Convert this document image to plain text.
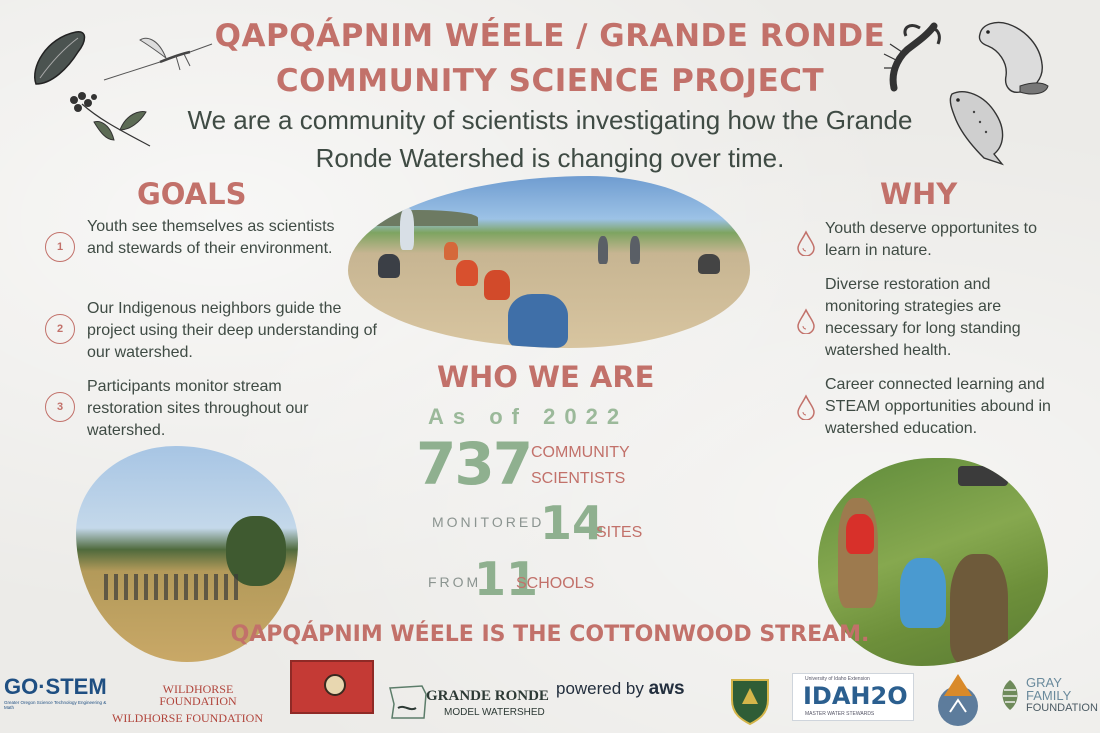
QAPQÁPNIM WÉELE / GRANDE RONDE
COMMUNITY SCIENCE PROJECT
We are a community of scientists investigating how the Grande Ronde Watershed is changing over time.
GOALS
1
Youth see themselves as scientists and stewards of their environment.
2
Our Indigenous neighbors guide the project using their deep understanding of our watershed.
3
Participants monitor stream restoration sites throughout our watershed.
WHY
Youth deserve opportunites to learn in nature.
Diverse restoration and monitoring strategies are necessary for long standing watershed health.
Career connected learning and STEAM opportunities abound in watershed education.
WHO WE ARE
As of 2022
737 COMMUNITY
SCIENTISTS
MONITORED
14
SITES
FROM
11
SCHOOLS
QAPQÁPNIM WÉELE IS THE COTTONWOOD STREAM.
GO·STEM
Greater Oregon Science Technology Engineering & Math
WILDHORSE FOUNDATION
WILDHORSE FOUNDATION
GRANDE RONDE
MODEL WATERSHED
powered by aws	University of Idaho Extension
IDAH2O
MASTER WATER STEWARDS
GRAY
FAMILY
FOUNDATION
